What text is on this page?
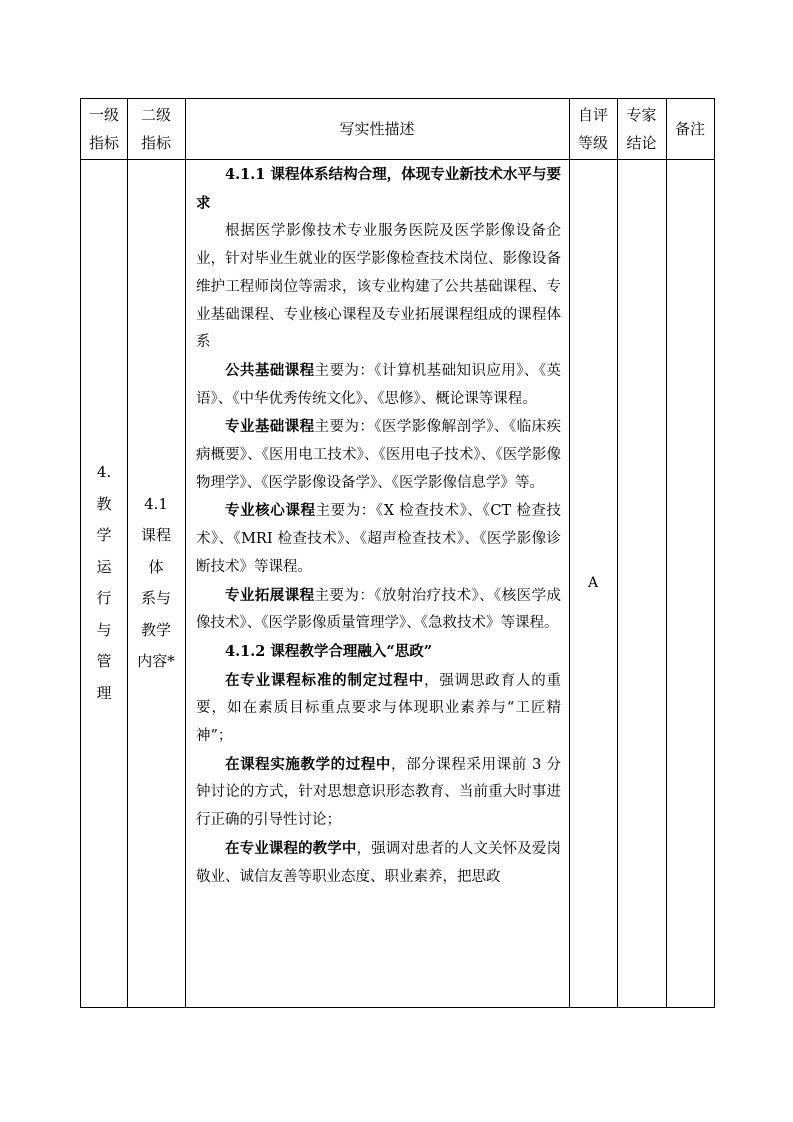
一级
指标
二级
指标
写实性描述
自评
等级
专家
结论
备注
4.
教
学
运
行
与
管
理
4.1
课程
体
系与
教学
内容*

4.1.1 课程体系结构合理，体现专业新技术水平与要求

根据医学影像技术专业服务医院及医学影像设备企业，针对毕业生就业的医学影像检查技术岗位、影像设备维护工程师岗位等需求，该专业构建了公共基础课程、专业基础课程、专业核心课程及专业拓展课程组成的课程体系

公共基础课程主要为：《计算机基础知识应用》、《英语》、《中华优秀传统文化》、《思修》、概论课等课程。

专业基础课程主要为：《医学影像解剖学》、《临床疾病概要》、《医用电工技术》、《医用电子技术》、《医学影像物理学》、《医学影像设备学》、《医学影像信息学》等。

专业核心课程主要为：《X 检查技术》、《CT 检查技术》、《MRI 检查技术》、《超声检查技术》、《医学影像诊断技术》等课程。

专业拓展课程主要为：《放射治疗技术》、《核医学成像技术》、《医学影像质量管理学》、《急救技术》等课程。

4.1.2 课程教学合理融入“思政”

在专业课程标准的制定过程中，强调思政育人的重要，如在素质目标重点要求与体现职业素养与“工匠精神”；

在课程实施教学的过程中，部分课程采用课前 3 分钟讨论的方式，针对思想意识形态教育、当前重大时事进行正确的引导性讨论；

在专业课程的教学中，强调对患者的人文关怀及爱岗敬业、诚信友善等职业态度、职业素养，把思政

A
